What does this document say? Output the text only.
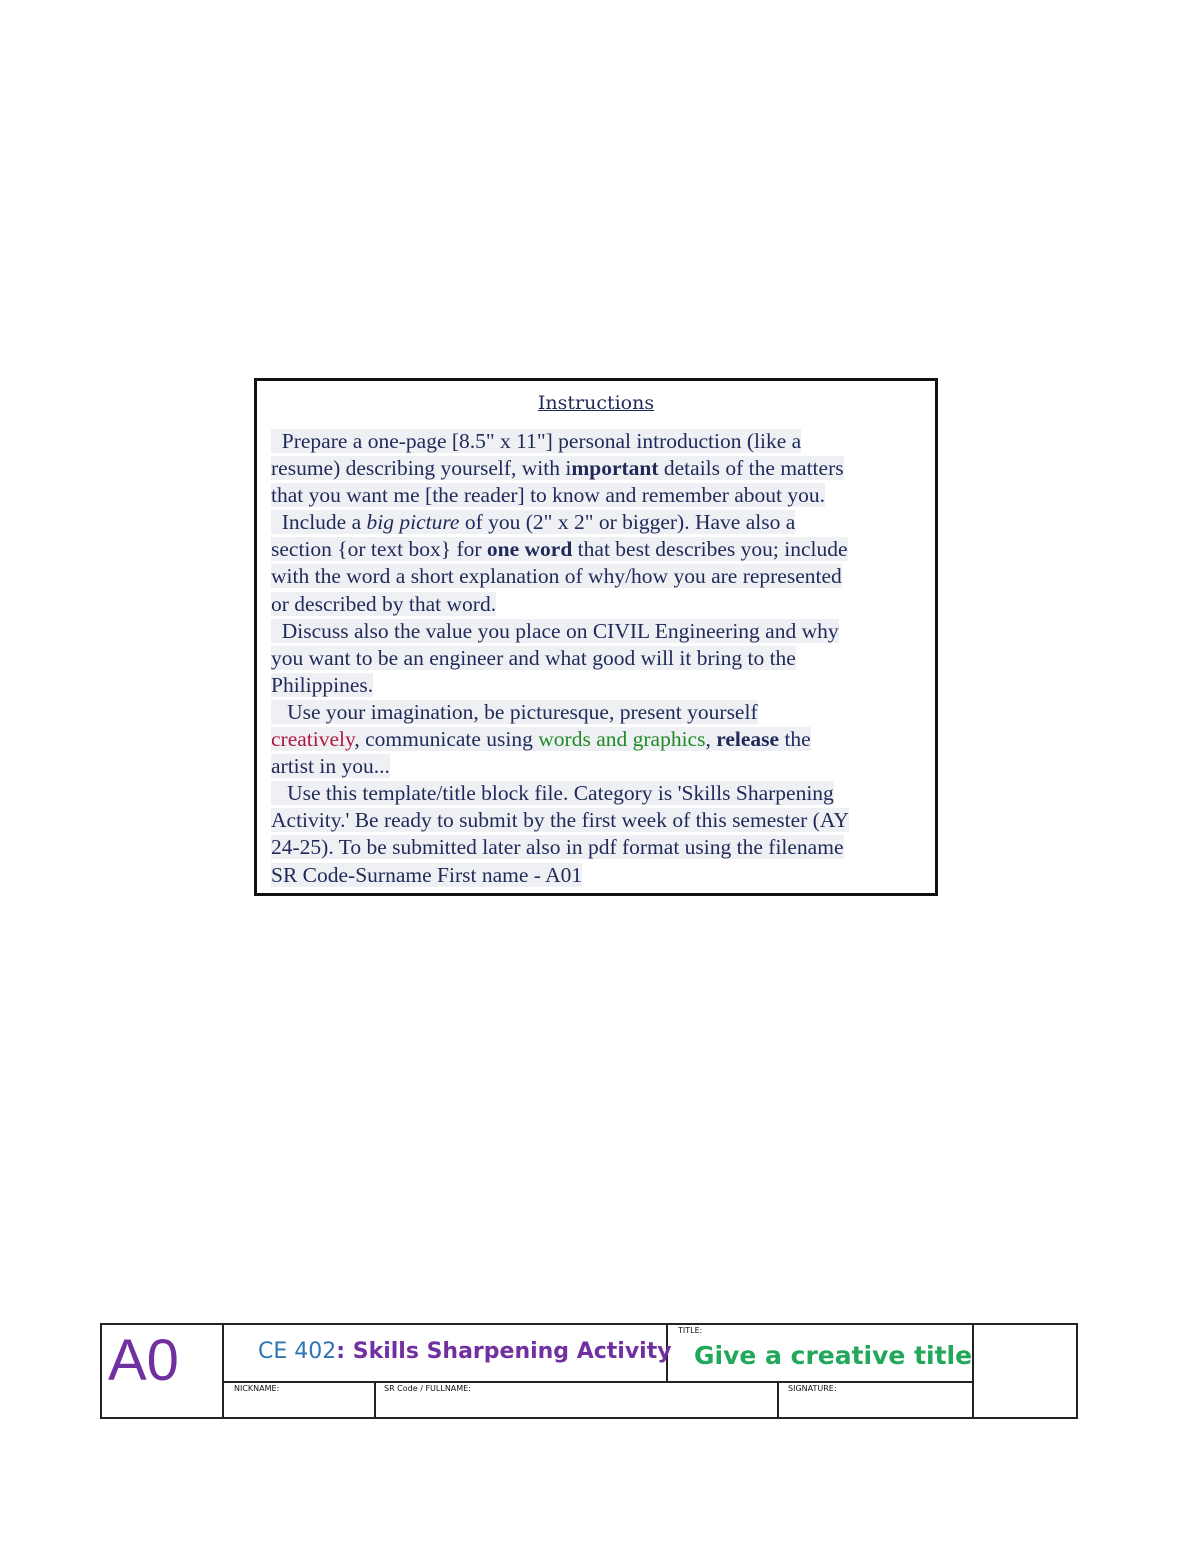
Instructions
Prepare a one-page [8.5" x 11"] personal introduction (like a
resume) describing yourself, with important details of the matters
that you want me [the reader] to know and remember about you.
Include a big picture of you (2" x 2" or bigger). Have also a
section {or text box} for one word that best describes you; include
with the word a short explanation of why/how you are represented
or described by that word.
Discuss also the value you place on CIVIL Engineering and why
you want to be an engineer and what good will it bring to the
Philippines.
Use your imagination, be picturesque, present yourself
creatively, communicate using words and graphics, release the
artist in you...
Use this template/title block file. Category is 'Skills Sharpening
Activity.' Be ready to submit by the first week of this semester (AY
24-25). To be submitted later also in pdf format using the filename
SR Code-Surname First name - A01
A0	CE 402: Skills Sharpening Activity
TITLE:
Give a creative title
NICKNAME:	SR Code / FULLNAME:	SIGNATURE:
